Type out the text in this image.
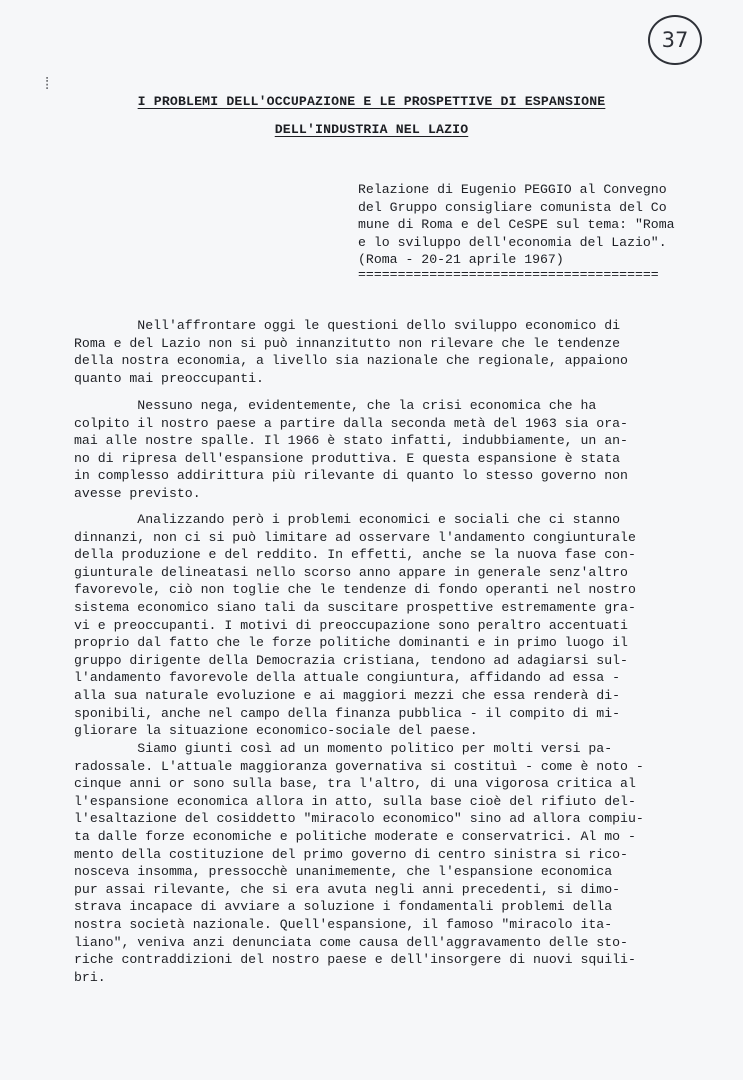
37
⁞
I PROBLEMI DELL'OCCUPAZIONE E LE PROSPETTIVE DI ESPANSIONE
DELL'INDUSTRIA NEL LAZIO
Relazione di Eugenio PEGGIO al Convegno
del Gruppo consigliare comunista del Co
mune di Roma e del CeSPE sul tema: "Roma
e lo sviluppo dell'economia del Lazio".
(Roma - 20-21 aprile 1967)
======================================
Nell'affrontare oggi le questioni dello sviluppo economico di
Roma e del Lazio non si può innanzitutto non rilevare che le tendenze
della nostra economia, a livello sia nazionale che regionale, appaiono
quanto mai preoccupanti.
Nessuno nega, evidentemente, che la crisi economica che ha
colpito il nostro paese a partire dalla seconda metà del 1963 sia ora-
mai alle nostre spalle. Il 1966 è stato infatti, indubbiamente, un an-
no di ripresa dell'espansione produttiva. E questa espansione è stata
in complesso addirittura più rilevante di quanto lo stesso governo non
avesse previsto.
Analizzando però i problemi economici e sociali che ci stanno
dinnanzi, non ci si può limitare ad osservare l'andamento congiunturale
della produzione e del reddito. In effetti, anche se la nuova fase con-
giunturale delineatasi nello scorso anno appare in generale senz'altro
favorevole, ciò non toglie che le tendenze di fondo operanti nel nostro
sistema economico siano tali da suscitare prospettive estremamente gra-
vi e preoccupanti. I motivi di preoccupazione sono peraltro accentuati
proprio dal fatto che le forze politiche dominanti e in primo luogo il
gruppo dirigente della Democrazia cristiana, tendono ad adagiarsi sul-
l'andamento favorevole della attuale congiuntura, affidando ad essa -
alla sua naturale evoluzione e ai maggiori mezzi che essa renderà di-
sponibili, anche nel campo della finanza pubblica - il compito di mi-
gliorare la situazione economico-sociale del paese.
Siamo giunti così ad un momento politico per molti versi pa-
radossale. L'attuale maggioranza governativa si costituì - come è noto -
cinque anni or sono sulla base, tra l'altro, di una vigorosa critica al
l'espansione economica allora in atto, sulla base cioè del rifiuto del-
l'esaltazione del cosiddetto "miracolo economico" sino ad allora compiu-
ta dalle forze economiche e politiche moderate e conservatrici. Al mo -
mento della costituzione del primo governo di centro sinistra si rico-
nosceva insomma, pressocchè unanimemente, che l'espansione economica
pur assai rilevante, che si era avuta negli anni precedenti, si dimo-
strava incapace di avviare a soluzione i fondamentali problemi della
nostra società nazionale. Quell'espansione, il famoso "miracolo ita-
liano", veniva anzi denunciata come causa dell'aggravamento delle sto-
riche contraddizioni del nostro paese e dell'insorgere di nuovi squili-
bri.
